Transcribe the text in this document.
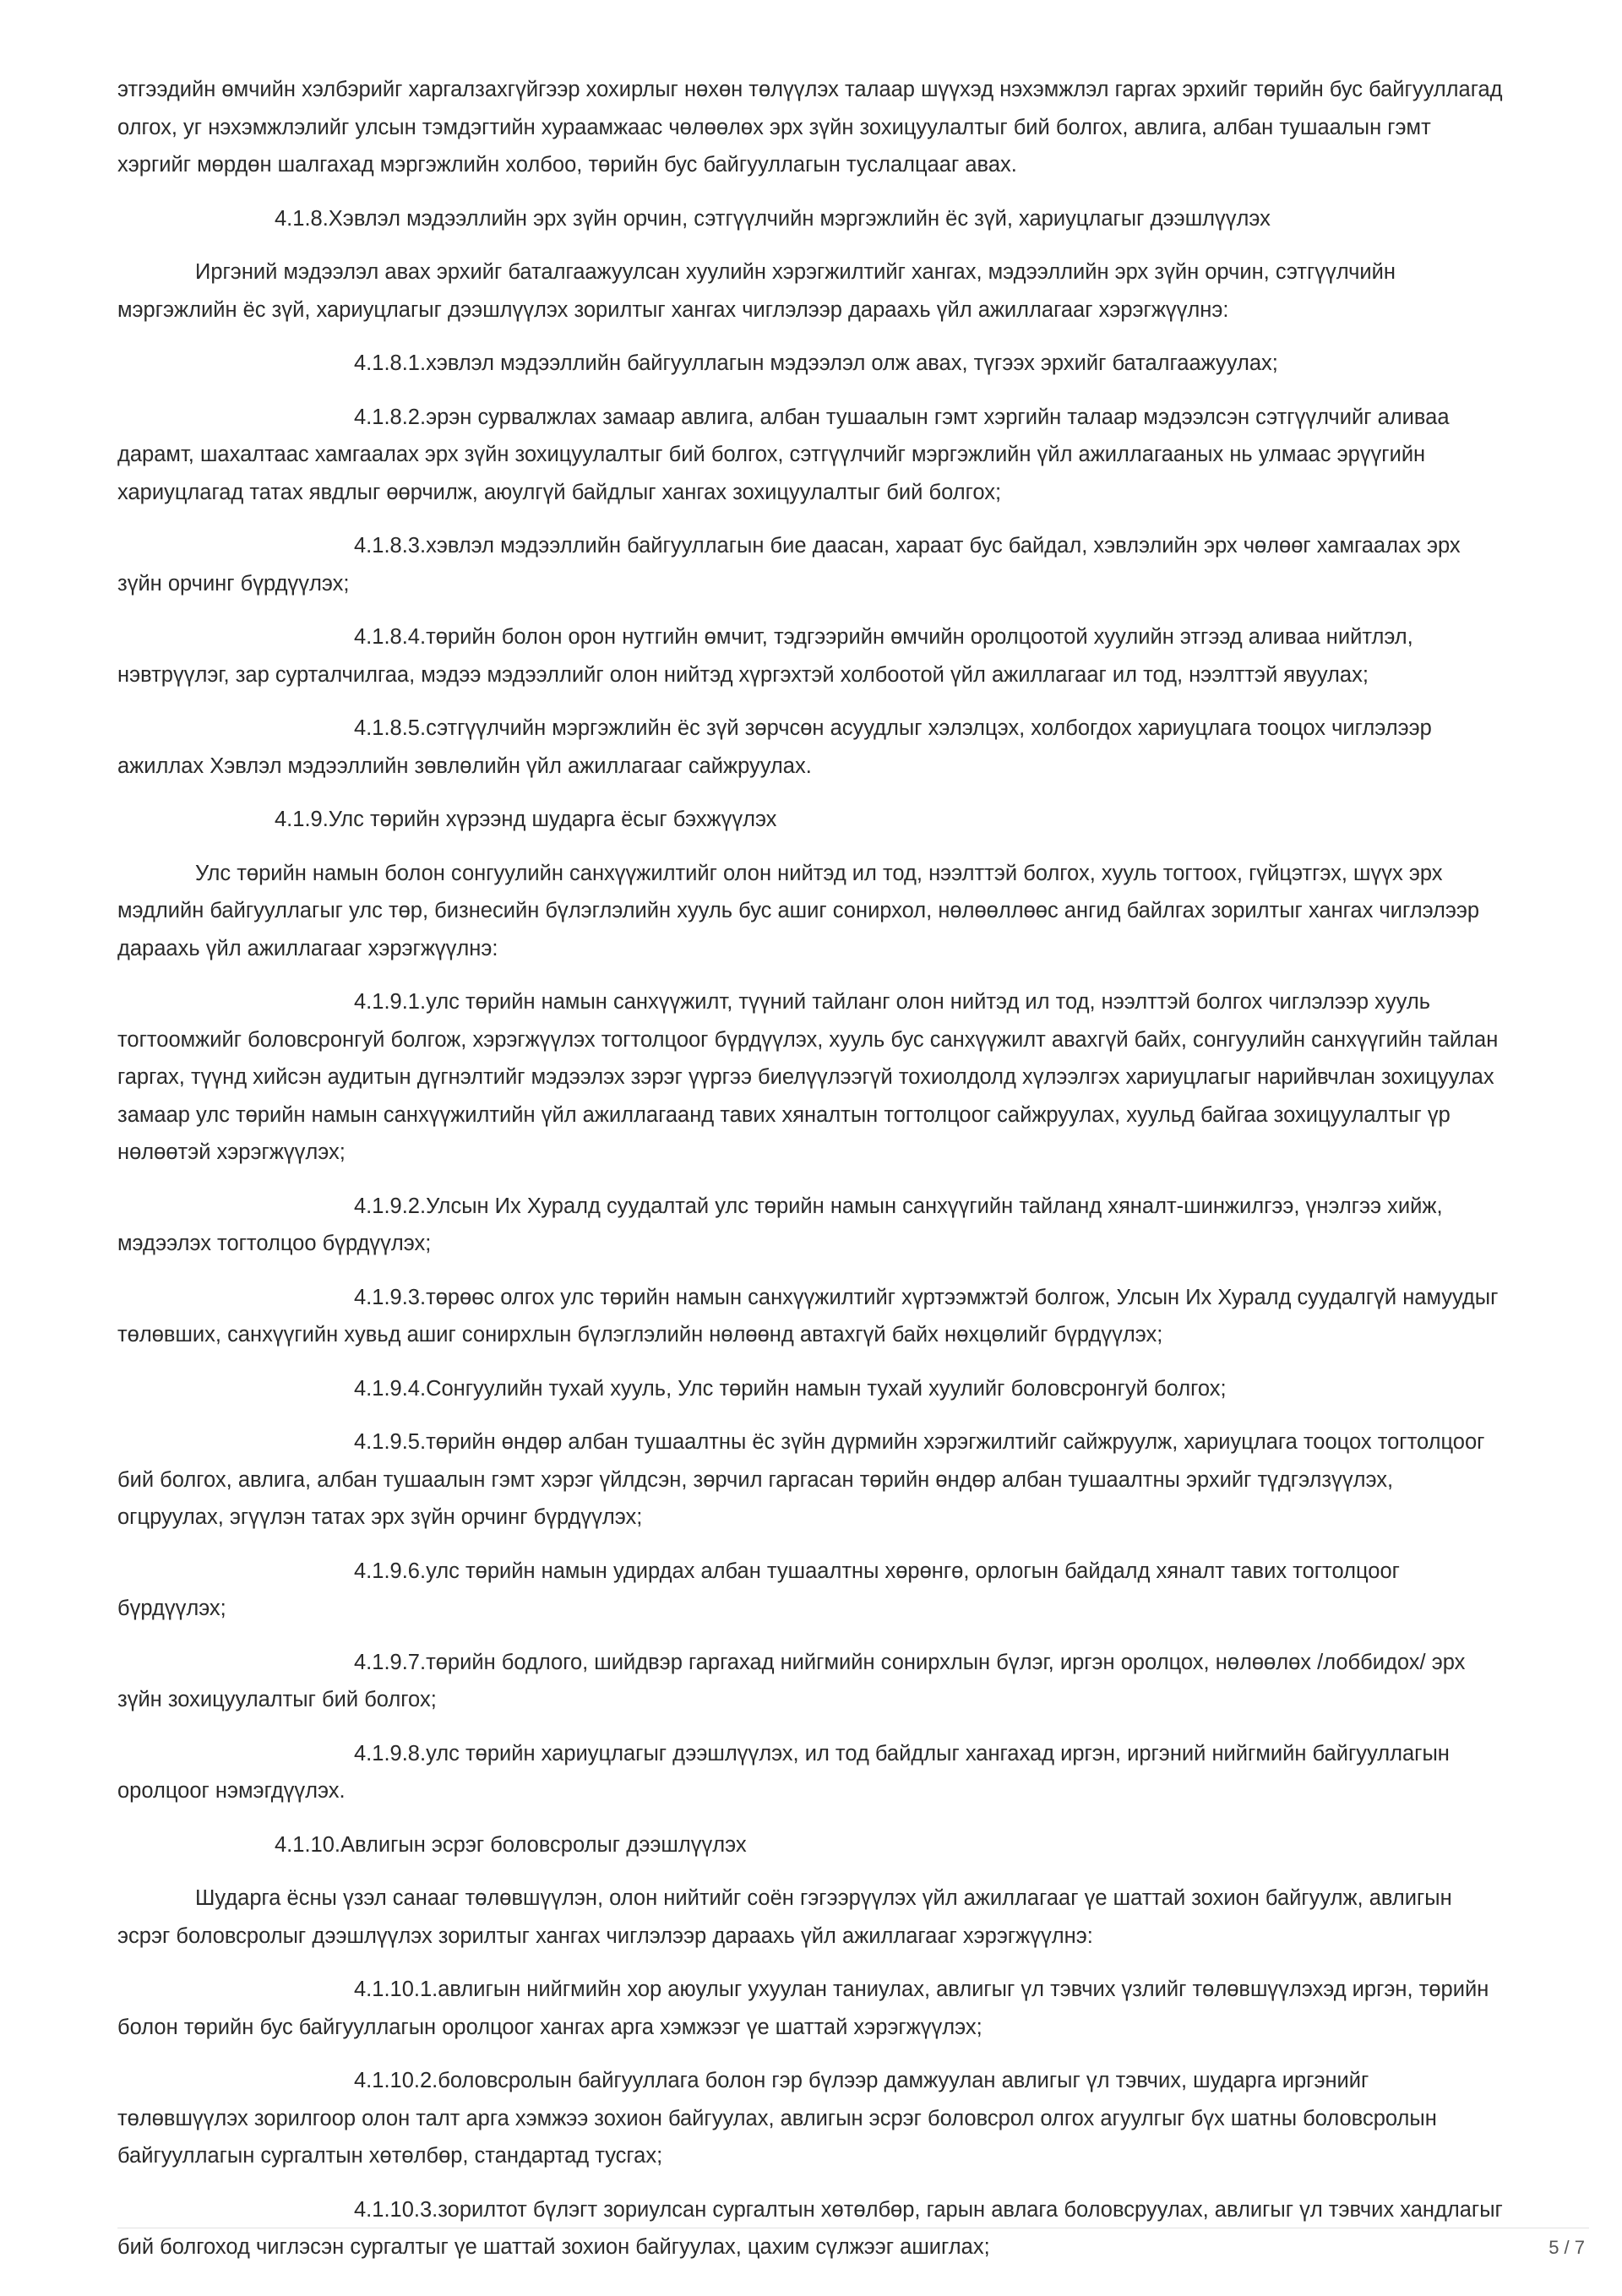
этгээдийн өмчийн хэлбэрийг харгалзахгүйгээр хохирлыг нөхөн төлүүлэх талаар шүүхэд нэхэмжлэл гаргах эрхийг төрийн бус байгууллагад олгох, уг нэхэмжлэлийг улсын тэмдэгтийн хураамжаас чөлөөлөх эрх зүйн зохицуулалтыг бий болгох, авлига, албан тушаалын гэмт хэргийг мөрдөн шалгахад мэргэжлийн холбоо, төрийн бус байгууллагын туслалцааг авах.

4.1.8.Хэвлэл мэдээллийн эрх зүйн орчин, сэтгүүлчийн мэргэжлийн ёс зүй, хариуцлагыг дээшлүүлэх

Иргэний мэдээлэл авах эрхийг баталгаажуулсан хуулийн хэрэгжилтийг хангах, мэдээллийн эрх зүйн орчин, сэтгүүлчийн мэргэжлийн ёс зүй, хариуцлагыг дээшлүүлэх зорилтыг хангах чиглэлээр дараахь үйл ажиллагааг хэрэгжүүлнэ:

4.1.8.1.хэвлэл мэдээллийн байгууллагын мэдээлэл олж авах, түгээх эрхийг баталгаажуулах;

4.1.8.2.эрэн сурвалжлах замаар авлига, албан тушаалын гэмт хэргийн талаар мэдээлсэн сэтгүүлчийг аливаа дарамт, шахалтаас хамгаалах эрх зүйн зохицуулалтыг бий болгох, сэтгүүлчийг мэргэжлийн үйл ажиллагааных нь улмаас эрүүгийн хариуцлагад татах явдлыг өөрчилж, аюулгүй байдлыг хангах зохицуулалтыг бий болгох;

4.1.8.3.хэвлэл мэдээллийн байгууллагын бие даасан, хараат бус байдал, хэвлэлийн эрх чөлөөг хамгаалах эрх зүйн орчинг бүрдүүлэх;

4.1.8.4.төрийн болон орон нутгийн өмчит, тэдгээрийн өмчийн оролцоотой хуулийн этгээд аливаа нийтлэл, нэвтрүүлэг, зар сурталчилгаа, мэдээ мэдээллийг олон нийтэд хүргэхтэй холбоотой үйл ажиллагааг ил тод, нээлттэй явуулах;

4.1.8.5.сэтгүүлчийн мэргэжлийн ёс зүй зөрчсөн асуудлыг хэлэлцэх, холбогдох хариуцлага тооцох чиглэлээр ажиллах Хэвлэл мэдээллийн зөвлөлийн үйл ажиллагааг сайжруулах.

4.1.9.Улс төрийн хүрээнд шударга ёсыг бэхжүүлэх

Улс төрийн намын болон сонгуулийн санхүүжилтийг олон нийтэд ил тод, нээлттэй болгох, хууль тогтоох, гүйцэтгэх, шүүх эрх мэдлийн байгууллагыг улс төр, бизнесийн бүлэглэлийн хууль бус ашиг сонирхол, нөлөөллөөс ангид байлгах зорилтыг хангах чиглэлээр дараахь үйл ажиллагааг хэрэгжүүлнэ:

4.1.9.1.улс төрийн намын санхүүжилт, түүний тайланг олон нийтэд ил тод, нээлттэй болгох чиглэлээр хууль тогтоомжийг боловсронгуй болгож, хэрэгжүүлэх тогтолцоог бүрдүүлэх, хууль бус санхүүжилт авахгүй байх, сонгуулийн санхүүгийн тайлан гаргах, түүнд хийсэн аудитын дүгнэлтийг мэдээлэх зэрэг үүргээ биелүүлээгүй тохиолдолд хүлээлгэх хариуцлагыг нарийвчлан зохицуулах замаар улс төрийн намын санхүүжилтийн үйл ажиллагаанд тавих хяналтын тогтолцоог сайжруулах, хуульд байгаа зохицуулалтыг үр нөлөөтэй хэрэгжүүлэх;

4.1.9.2.Улсын Их Хуралд суудалтай улс төрийн намын санхүүгийн тайланд хяналт-шинжилгээ, үнэлгээ хийж, мэдээлэх тогтолцоо бүрдүүлэх;

4.1.9.3.төрөөс олгох улс төрийн намын санхүүжилтийг хүртээмжтэй болгож, Улсын Их Хуралд суудалгүй намуудыг төлөвших, санхүүгийн хувьд ашиг сонирхлын бүлэглэлийн нөлөөнд автахгүй байх нөхцөлийг бүрдүүлэх;

4.1.9.4.Сонгуулийн тухай хууль, Улс төрийн намын тухай хуулийг боловсронгуй болгох;

4.1.9.5.төрийн өндөр албан тушаалтны ёс зүйн дүрмийн хэрэгжилтийг сайжруулж, хариуцлага тооцох тогтолцоог бий болгох, авлига, албан тушаалын гэмт хэрэг үйлдсэн, зөрчил гаргасан төрийн өндөр албан тушаалтны эрхийг түдгэлзүүлэх, огцруулах, эгүүлэн татах эрх зүйн орчинг бүрдүүлэх;

4.1.9.6.улс төрийн намын удирдах албан тушаалтны хөрөнгө, орлогын байдалд хяналт тавих тогтолцоог бүрдүүлэх;

4.1.9.7.төрийн бодлого, шийдвэр гаргахад нийгмийн сонирхлын бүлэг, иргэн оролцох, нөлөөлөх /лоббидох/ эрх зүйн зохицуулалтыг бий болгох;

4.1.9.8.улс төрийн хариуцлагыг дээшлүүлэх, ил тод байдлыг хангахад иргэн, иргэний нийгмийн байгууллагын оролцоог нэмэгдүүлэх.

4.1.10.Авлигын эсрэг боловсролыг дээшлүүлэх

Шударга ёсны үзэл санааг төлөвшүүлэн, олон нийтийг соён гэгээрүүлэх үйл ажиллагааг үе шаттай зохион байгуулж, авлигын эсрэг боловсролыг дээшлүүлэх зорилтыг хангах чиглэлээр дараахь үйл ажиллагааг хэрэгжүүлнэ:

4.1.10.1.авлигын нийгмийн хор аюулыг ухуулан таниулах, авлигыг үл тэвчих үзлийг төлөвшүүлэхэд иргэн, төрийн болон төрийн бус байгууллагын оролцоог хангах арга хэмжээг үе шаттай хэрэгжүүлэх;

4.1.10.2.боловсролын байгууллага болон гэр бүлээр дамжуулан авлигыг үл тэвчих, шударга иргэнийг төлөвшүүлэх зорилгоор олон талт арга хэмжээ зохион байгуулах, авлигын эсрэг боловсрол олгох агуулгыг бүх шатны боловсролын байгууллагын сургалтын хөтөлбөр, стандартад тусгах;

4.1.10.3.зорилтот бүлэгт зориулсан сургалтын хөтөлбөр, гарын авлага боловсруулах, авлигыг үл тэвчих хандлагыг бий болгоход чиглэсэн сургалтыг үе шаттай зохион байгуулах, цахим сүлжээг ашиглах;	5 / 7
